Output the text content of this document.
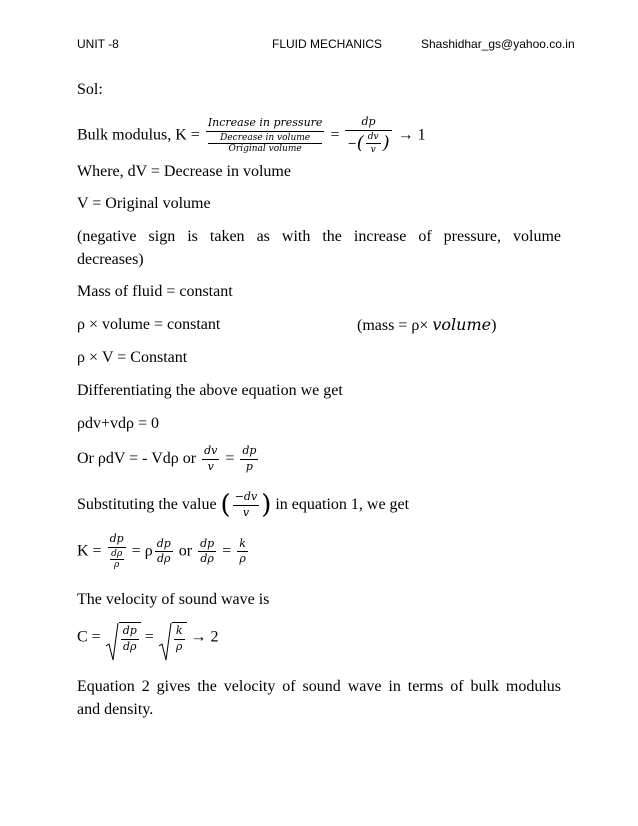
UNIT -8	FLUID MECHANICS	Shashidhar_gs@yahoo.co.in
Sol:
Bulk modulus, K = Increase in pressure
Decrease in volume
Original volume = $\frac{dp}{-( \frac{dv}{v} )} \to 1$
Where, dV = Decrease in volume
V = Original volume
(negative sign is taken as with the increase of pressure, volume
decreases)
Mass of fluid = constant
ρ × volume = constant	(mass = ρ× volume)
ρ × V = Constant
Differentiating the above equation we get
ρdv+vdρ = 0
Or ρdV = - Vdρ or $\frac{dv}{v} = \frac{dp}{p}$
Substituting the value ( $\frac{-dv}{v}$ ) in equation 1, we get
K = dp
dρ
ρ = ρ $\frac{dp}{d\rho}$ or $\frac{dp}{d\rho} = \frac{k}{\rho}$
The velocity of sound wave is
$C = \frac{dp}{d\rho} = \frac{k}{\rho} \to 2$
Equation 2 gives the velocity of sound wave in terms of bulk modulus
and density.
